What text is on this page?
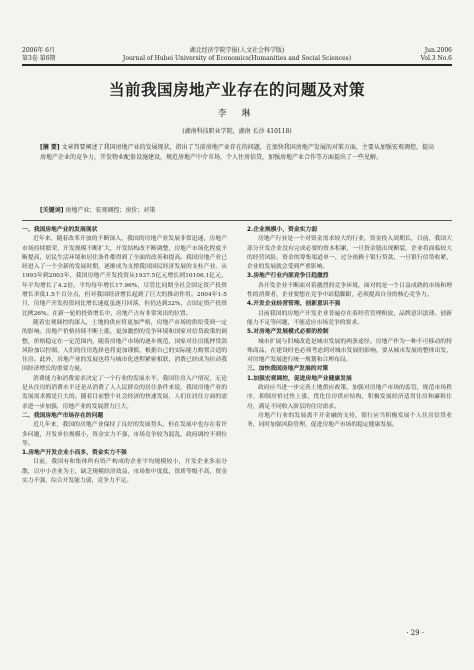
2006年 6月
第3卷 第6期
湖北经济学院学报(人文社会科学版)
Journal of Hubei University of Economics(Humanities and Social Sciences)
Jun.2006
Vol.3 No.6
当前我国房地产业存在的问题及对策
李 琳
(湖南科技职业学院，湖南 长沙 410118)
[摘 要] 文章简要阐述了我国房地产业的发展现状，指出了当前房地产业存在的问题，在加快我国房地产发展的对策方面，主要从加强宏观调控，提高房地产企业的竞争力，开发物业配套设施建设，规范房地产中介市场，个人住房信贷，加强房地产业合作等方面提出了一些见解。
[关键词] 房地产业；宏观调控；房价；对策

一、我国房地产业的发展现状

近年来，随着改革开放的不断深入，我国的房地产业发展非常迅速，房地产市场持续繁荣，开发规模不断扩大，开发结构改不断调整，房地产市场化程度不断提高，居民生活环境和居住条件都得到了全面的改善和提高。我国房地产业已经进入了一个全新的发展时期，逐渐成为支撑我国国民经济发展的支柱产业。从1993年到2003年，我国房地产开发投资从1937.5亿元增长到10106.1亿元，年平均增长了4.2倍，平均每年增长17.96%，尽管比同期全社会固定资产投资增长率低1.5个百分点，但对我国经济增长起到了巨大的推动作用。2004年1-5月，房地产开发投资同比增长速度虽逐月回落，但仍达到32%，占固定资产投资比例26%。在新一轮的投资增长中，房地产占有非常突出的位置。

随着宏观调控的深入，土地的供应将更加严格，房地产市场的供给受到一定的影响。房地产价格持续不断上涨，更加激烈的竞争环境和国家对信贷政策的调整，价格稳定在一定范围内，随着房地产市场的逐步规范，国家对住房抵押贷款风险加以控制，人们的住房选择也将更加谨慎，根据自己的实际能力购置合适的住房。此外，房地产业的发展也将与城市化进程紧密相联，消费已经成为拉动我国经济增长的重要力量。

消费能力和消费需求决定了一个行业的发展水平。我国住房入户情况，无论是从住房的消费水平还是从消费了人人民群众的居住条件来说，我国房地产业的发展需求都是巨大的。随着目前整个社会经济的快速发展，人们在居住方面的需求进一步加强，房地产业的发展潜力巨大。

二、我国房地产市场存在的问题

近几年来，我国的房地产业保持了良好的发展势头，但在发展中也存在着许多问题，开发单位规模小，资金实力不强，市场竞争较为混乱，政府调控不到位等。

1.房地产开发企业小而多，资金实力不强

目前，我国有和集体所有资产构成的企业平均规模较小，开发企业多而分散，以中小企业为主，缺乏规模经济效益，市场集中度低，资质等级不高，资金实力不强，综合开发能力弱，竞争力不足。

2.企业规模小，资金实力弱

房地产行业是一个对资金需求较大的行业，资金投入周期长，目前，我国大部分开发企业没有完成必要的资本积累，一旦资金链出现断裂，企业将面临较大的经营风险，资金的筹集渠道单一，过分依赖于银行贷款，一旦银行信贷收紧，企业的发展就会受到严重影响。

3.房地产行业内部竞争日趋激烈

各开发企业不断面对着激烈的竞争环境，面对的是一个日益成熟的市场和理性的消费者，企业要想在竞争中站稳脚跟，必须提高自身的核心竞争力。

4.开发企业经营管理、创新意识不强

目前我国的房地产开发企业普遍存在着经营管理粗放、品牌意识淡薄、创新能力不足等问题，不能适应市场竞争的要求。

5.对房地产发展模式必要的控制

城市扩展与旧城改造是城市发展的两条途径。房地产作为一种不可移动的特殊商品，在建设时也必须考虑到对城市发展的影响，要从城市发展的整体出发，对房地产发展进行统一规划和合理布局。

三、加快我国房地产发展的对策

1.加强宏观调控，促进房地产业健康发展

政府应当进一步完善土地供应政策，加强对房地产市场的监管，规范市场秩序，抑制房价过快上涨，优化住房供应结构，积极发展经济适用住房和廉租住房，满足不同收入阶层的住房需求。

房地产行业的发展离不开金融的支持，银行应当积极发展个人住房信贷业务，同时加强风险管理，促进房地产市场的稳定健康发展。

· 29 ·
